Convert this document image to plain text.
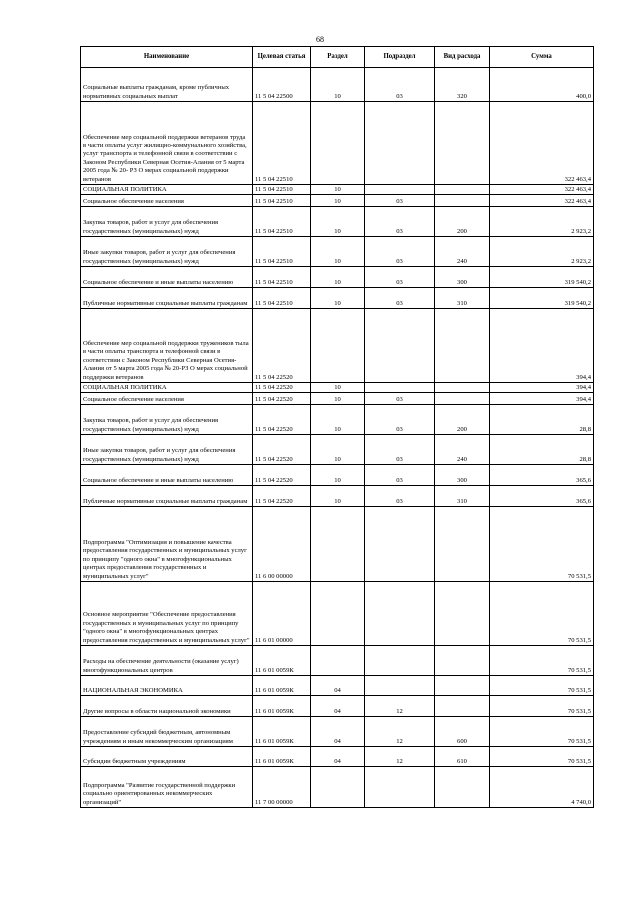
68
Наименование	Целевая статья	Раздел	Подраздел	Вид расхода	Сумма
Социальные выплаты гражданам, кроме публичных нормативных социальных выплат	11 5 04 22500	10	03	320	400,0
Обеспечение мер социальной поддержки ветеранов труда в части оплаты услуг жилищно-коммунального хозяйства, услуг транспорта и телефонной связи в соответствии с Законом Республики Северная Осетия-Алания от 5 марта 2005 года № 20- РЗ О мерах социальной поддержки ветеранов	11 5 04 22510				322 463,4
СОЦИАЛЬНАЯ ПОЛИТИКА	11 5 04 22510	10			322 463,4
Социальное обеспечение населения	11 5 04 22510	10	03		322 463,4
Закупка товаров, работ и услуг для обеспечения государственных (муниципальных) нужд	11 5 04 22510	10	03	200	2 923,2
Иные закупки товаров, работ и услуг для обеспечения государственных (муниципальных) нужд	11 5 04 22510	10	03	240	2 923,2
Социальное обеспечение и иные выплаты населению	11 5 04 22510	10	03	300	319 540,2
Публичные нормативные социальные выплаты гражданам	11 5 04 22510	10	03	310	319 540,2
Обеспечение мер социальной поддержки тружеников тыла в части оплаты транспорта и телефонной связи в соответствии с Законом Республики Северная Осетия-Алания от 5 марта 2005 года № 20-РЗ О мерах социальной поддержки ветеранов	11 5 04 22520				394,4
СОЦИАЛЬНАЯ ПОЛИТИКА	11 5 04 22520	10			394,4
Социальное обеспечение населения	11 5 04 22520	10	03		394,4
Закупка товаров, работ и услуг для обеспечения государственных (муниципальных) нужд	11 5 04 22520	10	03	200	28,8
Иные закупки товаров, работ и услуг для обеспечения государственных (муниципальных) нужд	11 5 04 22520	10	03	240	28,8
Социальное обеспечение и иные выплаты населению	11 5 04 22520	10	03	300	365,6
Публичные нормативные социальные выплаты гражданам	11 5 04 22520	10	03	310	365,6
Подпрограмма "Оптимизация и повышение качества предоставления государственных и муниципальных услуг по принципу "одного окна" в многофункциональных центрах предоставления государственных и муниципальных услуг"	11 6 00 00000				70 531,5
Основное мероприятие "Обеспечение предоставления государственных и муниципальных услуг по принципу "одного окна" в многофункциональных центрах предоставления государственных и муниципальных услуг"	11 6 01 00000				70 531,5
Расходы на обеспечение деятельности (оказание услуг) многофункциональных центров	11 6 01 0059К				70 531,5
НАЦИОНАЛЬНАЯ ЭКОНОМИКА	11 6 01 0059К	04			70 531,5
Другие вопросы в области национальной экономики	11 6 01 0059К	04	12		70 531,5
Предоставление субсидий бюджетным, автономным учреждениям и иным некоммерческим организациям	11 6 01 0059К	04	12	600	70 531,5
Субсидии бюджетным учреждениям	11 6 01 0059К	04	12	610	70 531,5
Подпрограмма "Развитие государственной поддержки социально ориентированных некоммерческих организаций"	11 7 00 00000				4 740,0
